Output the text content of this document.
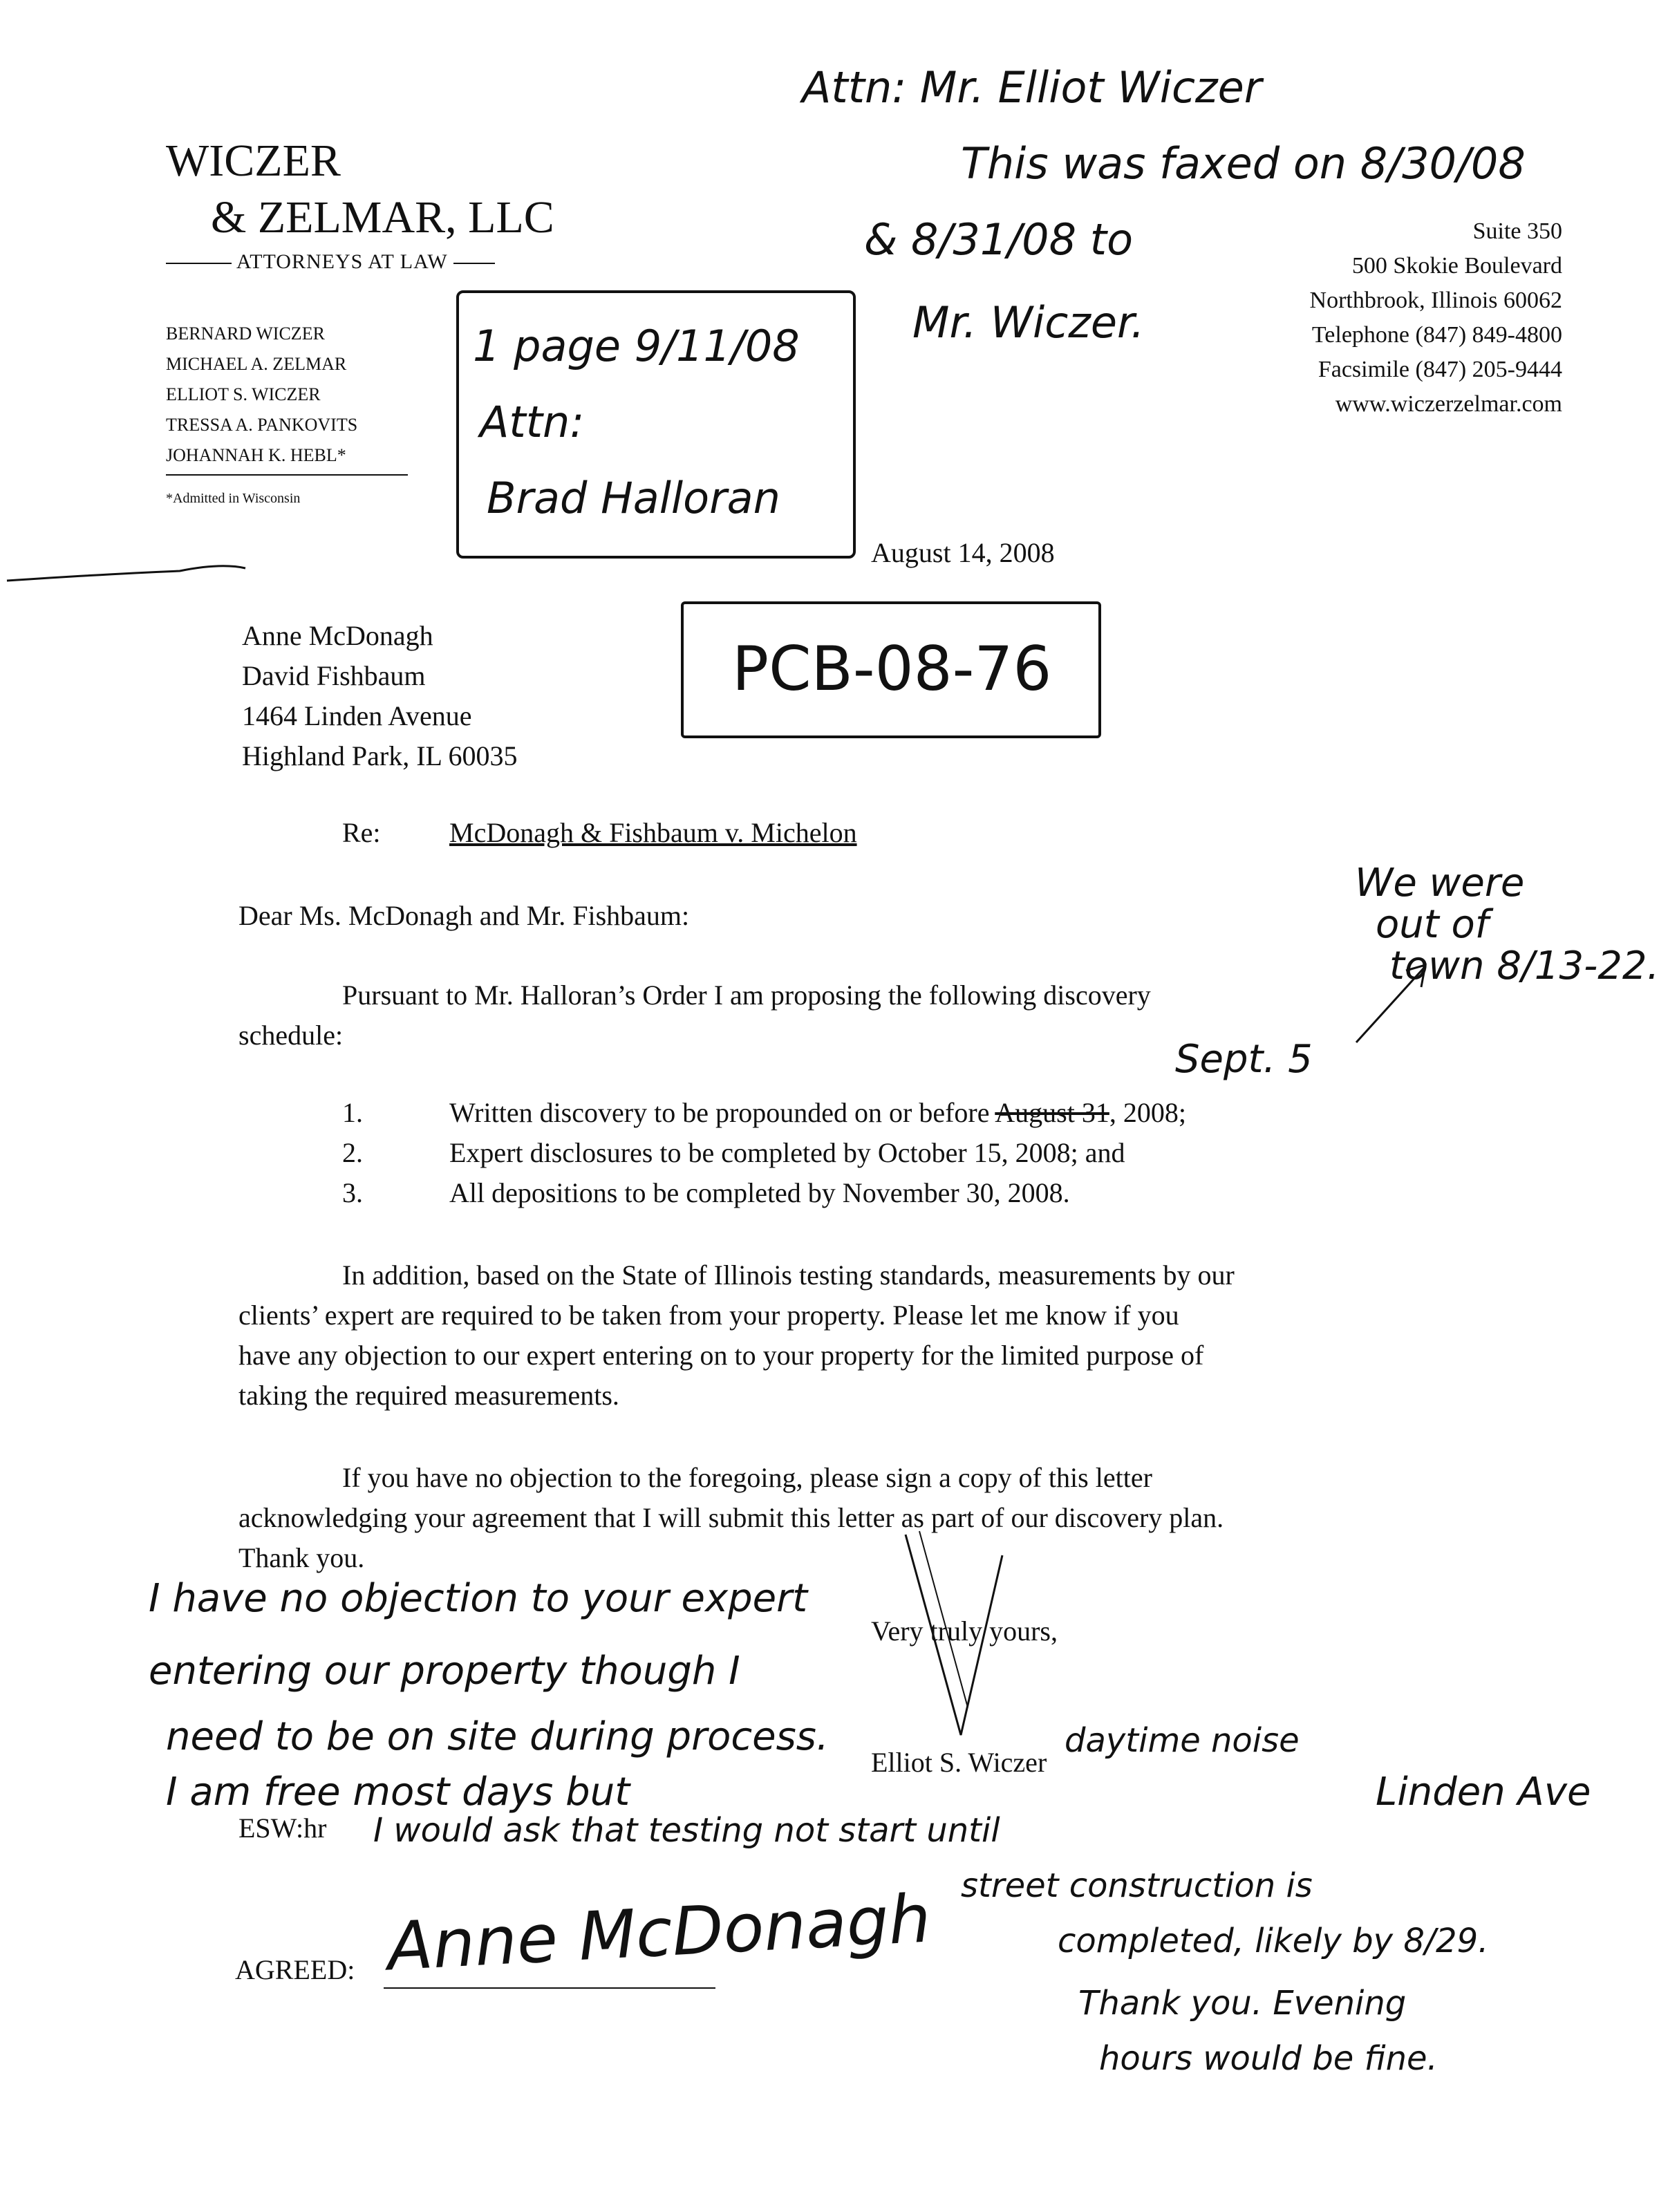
WICZER
& ZELMAR, LLC
ATTORNEYS AT LAW
BERNARD WICZER
MICHAEL A. ZELMAR
ELLIOT S. WICZER
TRESSA A. PANKOVITS
JOHANNAH K. HEBL*
*Admitted in Wisconsin
Suite 350
500 Skokie Boulevard
Northbrook, Illinois 60062
Telephone (847) 849-4800
Facsimile (847) 205-9444
www.wiczerzelmar.com
Attn: Mr. Elliot Wiczer
This was faxed on 8/30/08
& 8/31/08 to
Mr. Wiczer.
1 page 9/11/08
Attn:
Brad Halloran
August 14, 2008
PCB-08-76
Anne McDonagh
David Fishbaum
1464 Linden Avenue
Highland Park, IL 60035
Re: McDonagh & Fishbaum v. Michelon
Dear Ms. McDonagh and Mr. Fishbaum:
We were
out of
town 8/13-22.
Pursuant to Mr. Halloran’s Order I am proposing the following discovery
schedule:
Sept. 5
1.	Written discovery to be propounded on or before August 31, 2008;
2.	Expert disclosures to be completed by October 15, 2008; and
3.	All depositions to be completed by November 30, 2008.
In addition, based on the State of Illinois testing standards, measurements by our
clients’ expert are required to be taken from your property. Please let me know if you
have any objection to our expert entering on to your property for the limited purpose of
taking the required measurements.
If you have no objection to the foregoing, please sign a copy of this letter
acknowledging your agreement that I will submit this letter as part of our discovery plan.
Thank you.
Very truly yours,
Elliot S. Wiczer
ESW:hr
AGREED:
I have no objection to your expert
entering our property though I
need to be on site during process.
I am free most days but
I would ask that testing not start until
street construction is
completed, likely by 8/29.
Thank you. Evening
hours would be fine.
daytime noise
Linden Ave
Anne McDonagh
